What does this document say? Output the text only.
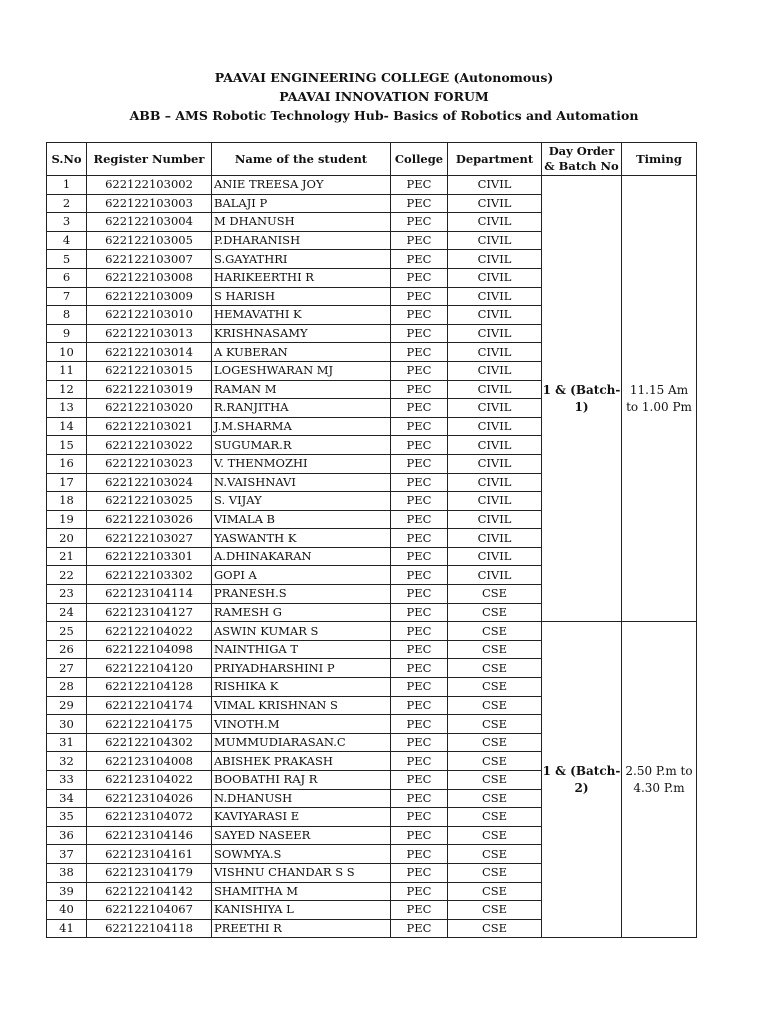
PAAVAI ENGINEERING COLLEGE (Autonomous)
PAAVAI INNOVATION FORUM
ABB – AMS Robotic Technology Hub- Basics of Robotics and Automation
S.No	Register Number	Name of the student	College	Department	Day Order & Batch No	Timing
1	622122103002	ANIE TREESA JOY	PEC	CIVIL	1 & (Batch-1)	11.15 Am to 1.00 Pm
2	622122103003	BALAJI P	PEC	CIVIL		
3	622122103004	M DHANUSH	PEC	CIVIL		
4	622122103005	P.DHARANISH	PEC	CIVIL		
5	622122103007	S.GAYATHRI	PEC	CIVIL		
6	622122103008	HARIKEERTHI R	PEC	CIVIL		
7	622122103009	S HARISH	PEC	CIVIL		
8	622122103010	HEMAVATHI K	PEC	CIVIL		
9	622122103013	KRISHNASAMY	PEC	CIVIL		
10	622122103014	A KUBERAN	PEC	CIVIL		
11	622122103015	LOGESHWARAN MJ	PEC	CIVIL		
12	622122103019	RAMAN M	PEC	CIVIL		
13	622122103020	R.RANJITHA	PEC	CIVIL		
14	622122103021	J.M.SHARMA	PEC	CIVIL		
15	622122103022	SUGUMAR.R	PEC	CIVIL		
16	622122103023	V. THENMOZHI	PEC	CIVIL		
17	622122103024	N.VAISHNAVI	PEC	CIVIL		
18	622122103025	S. VIJAY	PEC	CIVIL		
19	622122103026	VIMALA B	PEC	CIVIL		
20	622122103027	YASWANTH K	PEC	CIVIL		
21	622122103301	A.DHINAKARAN	PEC	CIVIL		
22	622122103302	GOPI A	PEC	CIVIL		
23	622123104114	PRANESH.S	PEC	CSE		
24	622123104127	RAMESH G	PEC	CSE		
25	622122104022	ASWIN KUMAR S	PEC	CSE	1 & (Batch-2)	2.50 P.m to 4.30 P.m
26	622122104098	NAINTHIGA T	PEC	CSE		
27	622122104120	PRIYADHARSHINI P	PEC	CSE		
28	622122104128	RISHIKA K	PEC	CSE		
29	622122104174	VIMAL KRISHNAN S	PEC	CSE		
30	622122104175	VINOTH.M	PEC	CSE		
31	622122104302	MUMMUDIARASAN.C	PEC	CSE		
32	622123104008	ABISHEK PRAKASH	PEC	CSE		
33	622123104022	BOOBATHI RAJ R	PEC	CSE		
34	622123104026	N.DHANUSH	PEC	CSE		
35	622123104072	KAVIYARASI E	PEC	CSE		
36	622123104146	SAYED NASEER	PEC	CSE		
37	622123104161	SOWMYA.S	PEC	CSE		
38	622123104179	VISHNU CHANDAR S S	PEC	CSE		
39	622122104142	SHAMITHA M	PEC	CSE		
40	622122104067	KANISHIYA L	PEC	CSE		
41	622122104118	PREETHI R	PEC	CSE		
